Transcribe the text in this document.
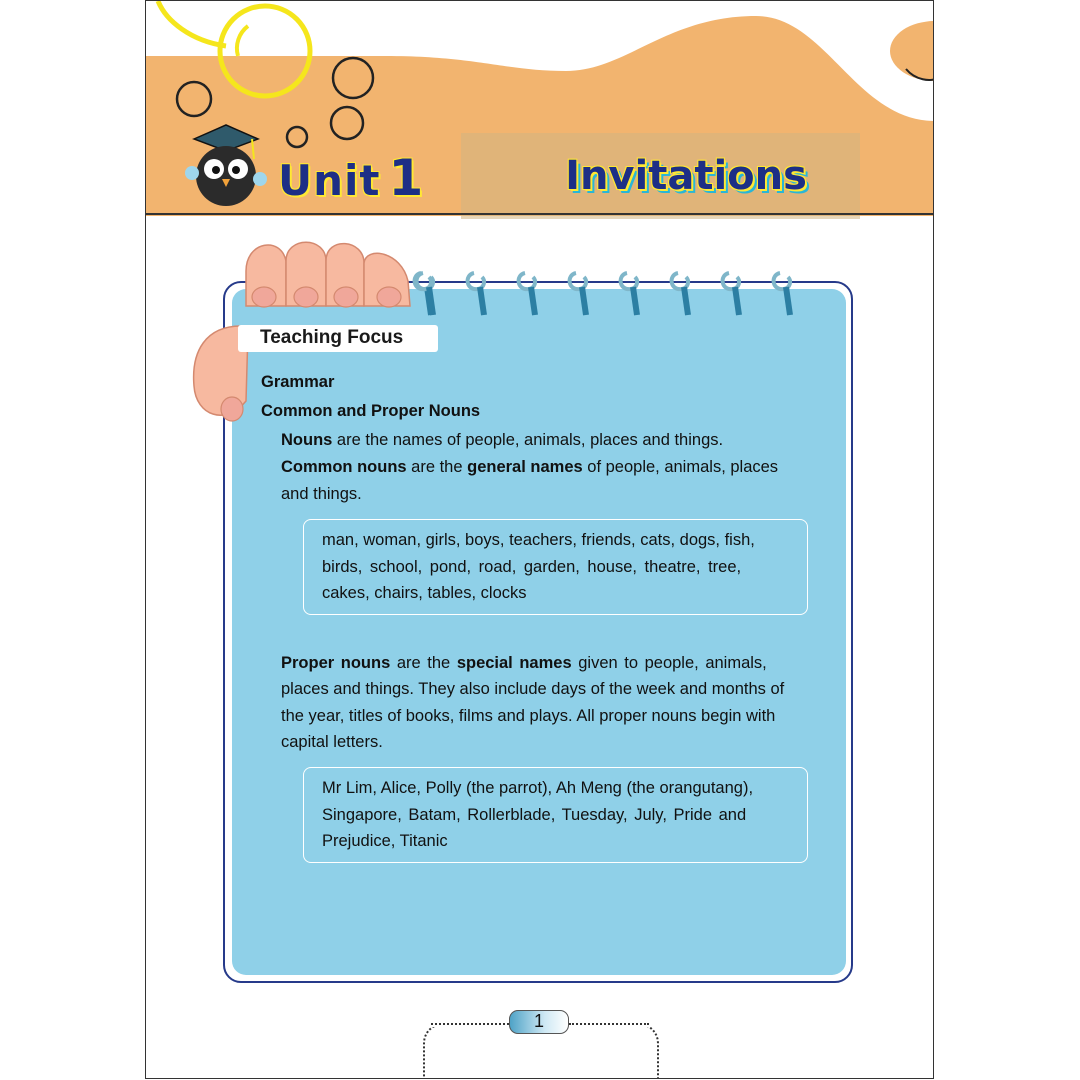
Unit 1	Invitations
Teaching Focus
Grammar
Common and Proper Nouns
Nouns are the names of people, animals, places and things.
Common nouns are the general names of people, animals, places
and things.
man, woman, girls, boys, teachers, friends, cats, dogs, fish,
birds, school, pond, road, garden, house, theatre, tree,
cakes, chairs, tables, clocks
Proper nouns are the special names given to people, animals,
places and things. They also include days of the week and months of
the year, titles of books, films and plays. All proper nouns begin with
capital letters.
Mr Lim, Alice, Polly (the parrot), Ah Meng (the orangutang),
Singapore, Batam, Rollerblade, Tuesday, July, Pride and
Prejudice, Titanic
1
